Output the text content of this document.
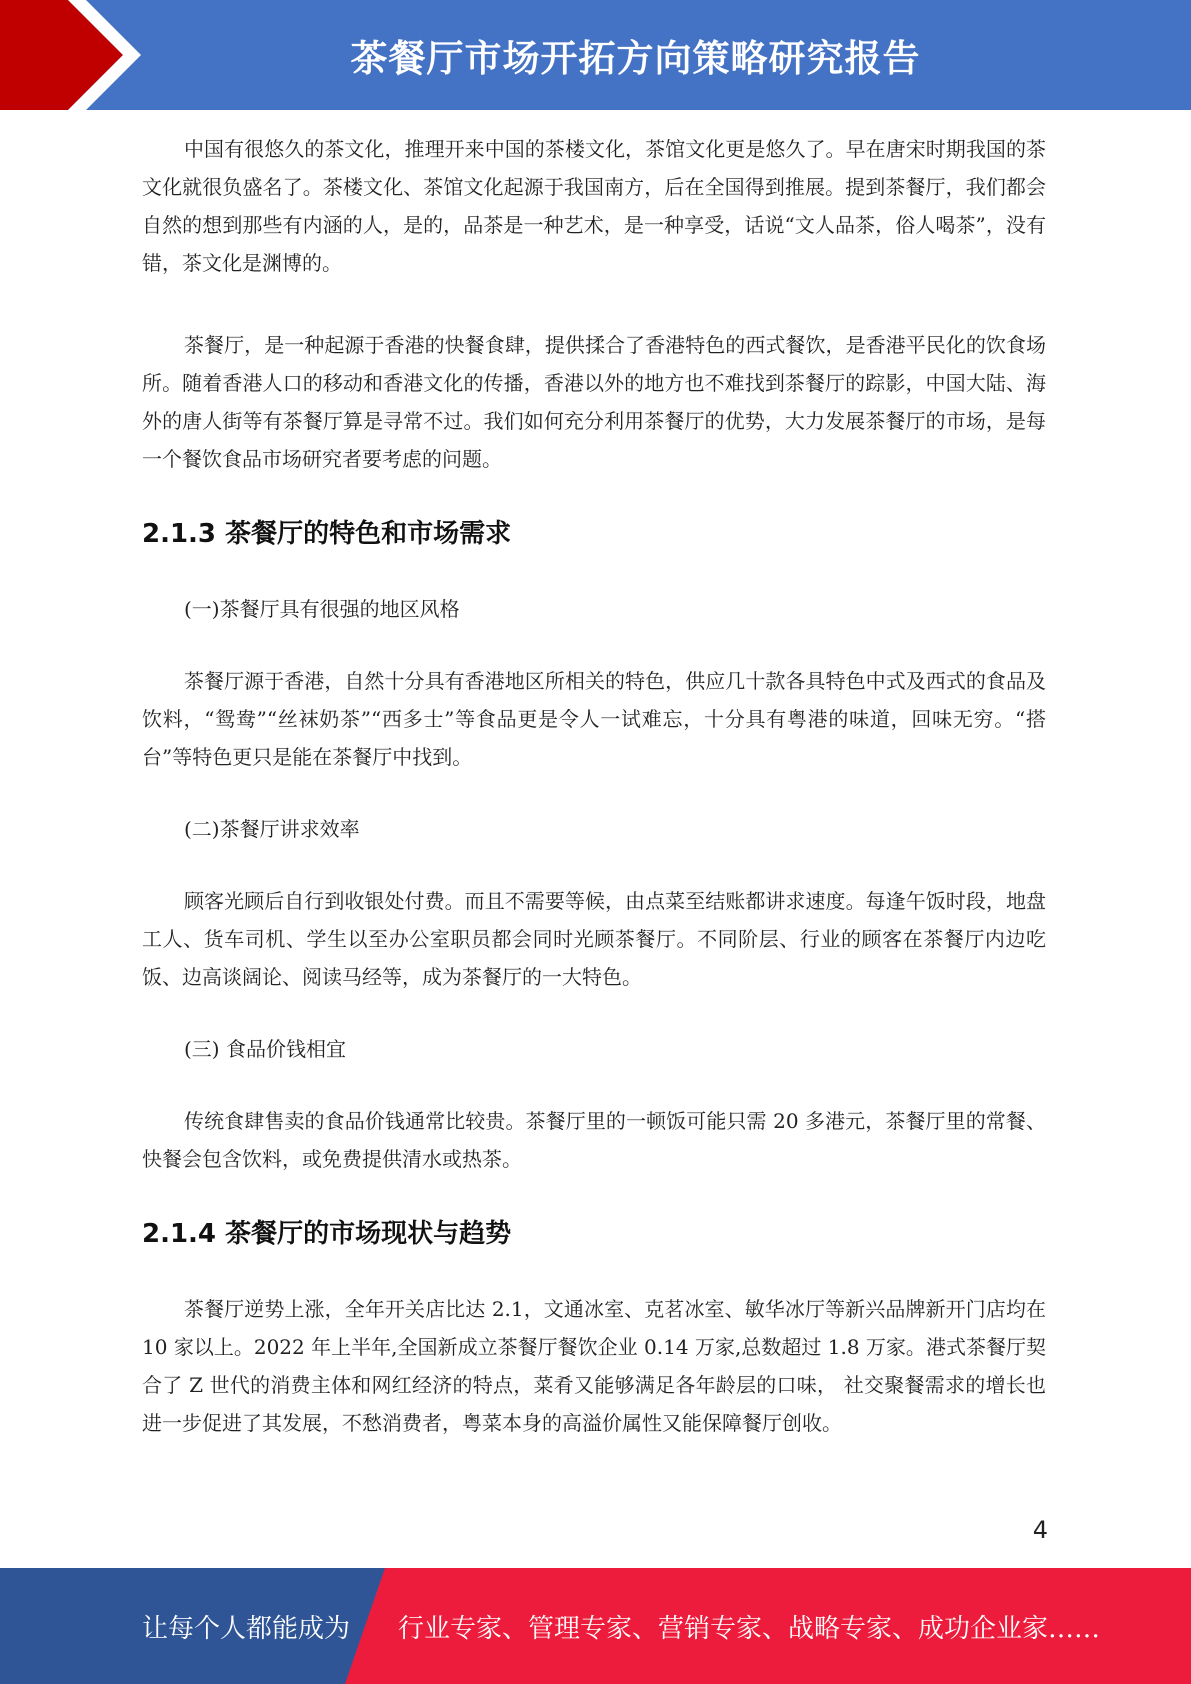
茶餐厅市场开拓方向策略研究报告

中国有很悠久的茶文化，推理开来中国的茶楼文化，茶馆文化更是悠久了。早在唐宋时期我国的茶文化就很负盛名了。茶楼文化、茶馆文化起源于我国南方，后在全国得到推展。提到茶餐厅，我们都会自然的想到那些有内涵的人，是的，品茶是一种艺术，是一种享受，话说“文人品茶，俗人喝茶”，没有错，茶文化是渊博的。

茶餐厅，是一种起源于香港的快餐食肆，提供揉合了香港特色的西式餐饮，是香港平民化的饮食场所。随着香港人口的移动和香港文化的传播，香港以外的地方也不难找到茶餐厅的踪影，中国大陆、海外的唐人街等有茶餐厅算是寻常不过。我们如何充分利用茶餐厅的优势，大力发展茶餐厅的市场，是每一个餐饮食品市场研究者要考虑的问题。

2.1.3 茶餐厅的特色和市场需求

(一)茶餐厅具有很强的地区风格

茶餐厅源于香港，自然十分具有香港地区所相关的特色，供应几十款各具特色中式及西式的食品及饮料，“鸳鸯”“丝袜奶茶”“西多士”等食品更是令人一试难忘，十分具有粤港的味道，回味无穷。“搭台”等特色更只是能在茶餐厅中找到。

(二)茶餐厅讲求效率

顾客光顾后自行到收银处付费。而且不需要等候，由点菜至结账都讲求速度。每逢午饭时段，地盘工人、货车司机、学生以至办公室职员都会同时光顾茶餐厅。不同阶层、行业的顾客在茶餐厅内边吃饭、边高谈阔论、阅读马经等，成为茶餐厅的一大特色。

(三) 食品价钱相宜

传统食肆售卖的食品价钱通常比较贵。茶餐厅里的一顿饭可能只需 20 多港元，茶餐厅里的常餐、快餐会包含饮料，或免费提供清水或热茶。

2.1.4 茶餐厅的市场现状与趋势

茶餐厅逆势上涨，全年开关店比达 2.1，文通冰室、克茗冰室、敏华冰厅等新兴品牌新开门店均在 10 家以上。2022 年上半年,全国新成立茶餐厅餐饮企业 0.14 万家,总数超过 1.8 万家。港式茶餐厅契合了 Z 世代的消费主体和网红经济的特点，菜肴又能够满足各年龄层的口味， 社交聚餐需求的增长也进一步促进了其发展，不愁消费者，粤菜本身的高溢价属性又能保障餐厅创收。

4
让每个人都能成为 行业专家、管理专家、营销专家、战略专家、成功企业家……
